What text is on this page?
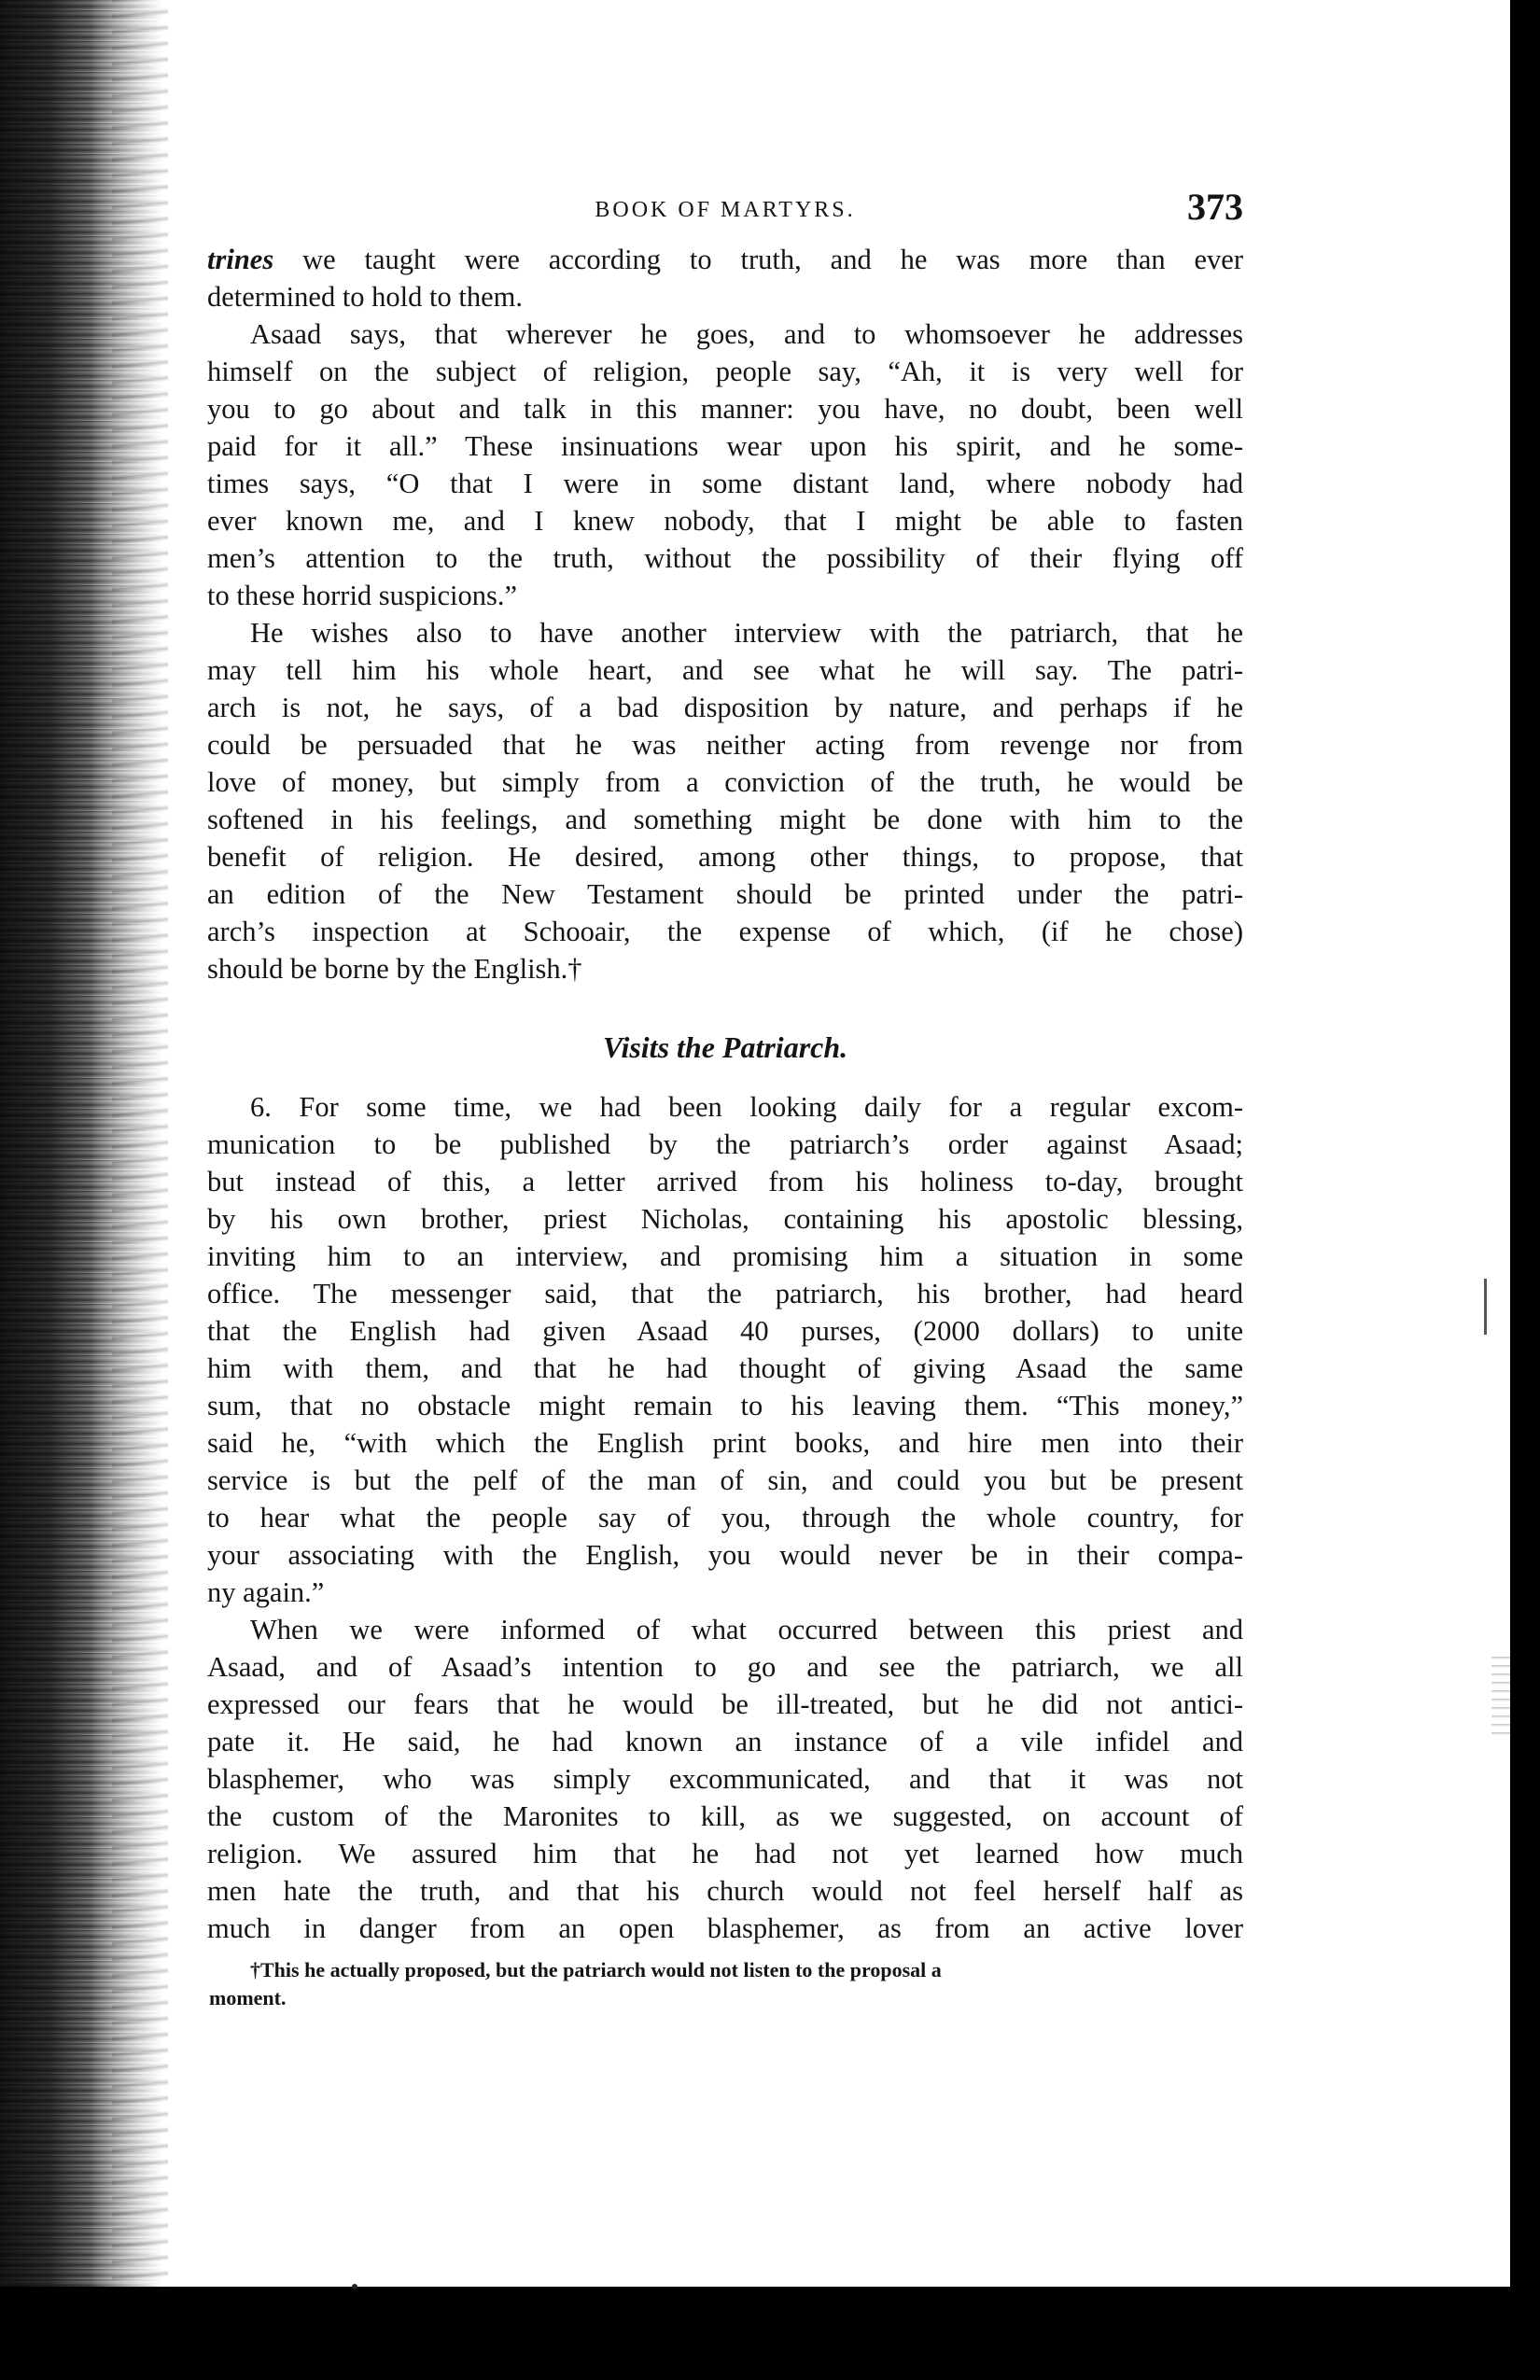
BOOK OF MARTYRS.	373
trines we taught were according to truth, and he was more than ever
determined to hold to them.
Asaad says, that wherever he goes, and to whomsoever he addresses
himself on the subject of religion, people say, “Ah, it is very well for
you to go about and talk in this manner: you have, no doubt, been well
paid for it all.” These insinuations wear upon his spirit, and he some-
times says, “O that I were in some distant land, where nobody had
ever known me, and I knew nobody, that I might be able to fasten
men’s attention to the truth, without the possibility of their flying off
to these horrid suspicions.”
He wishes also to have another interview with the patriarch, that he
may tell him his whole heart, and see what he will say. The patri-
arch is not, he says, of a bad disposition by nature, and perhaps if he
could be persuaded that he was neither acting from revenge nor from
love of money, but simply from a conviction of the truth, he would be
softened in his feelings, and something might be done with him to the
benefit of religion. He desired, among other things, to propose, that
an edition of the New Testament should be printed under the patri-
arch’s inspection at Schooair, the expense of which, (if he chose)
should be borne by the English.†
Visits the Patriarch.
6. For some time, we had been looking daily for a regular excom-
munication to be published by the patriarch’s order against Asaad;
but instead of this, a letter arrived from his holiness to-day, brought
by his own brother, priest Nicholas, containing his apostolic blessing,
inviting him to an interview, and promising him a situation in some
office. The messenger said, that the patriarch, his brother, had heard
that the English had given Asaad 40 purses, (2000 dollars) to unite
him with them, and that he had thought of giving Asaad the same
sum, that no obstacle might remain to his leaving them. “This money,”
said he, “with which the English print books, and hire men into their
service is but the pelf of the man of sin, and could you but be present
to hear what the people say of you, through the whole country, for
your associating with the English, you would never be in their compa-
ny again.”
When we were informed of what occurred between this priest and
Asaad, and of Asaad’s intention to go and see the patriarch, we all
expressed our fears that he would be ill-treated, but he did not antici-
pate it. He said, he had known an instance of a vile infidel and
blasphemer, who was simply excommunicated, and that it was not
the custom of the Maronites to kill, as we suggested, on account of
religion. We assured him that he had not yet learned how much
men hate the truth, and that his church would not feel herself half as
much in danger from an open blasphemer, as from an active lover
†This he actually proposed, but the patriarch would not listen to the proposal a
moment.
